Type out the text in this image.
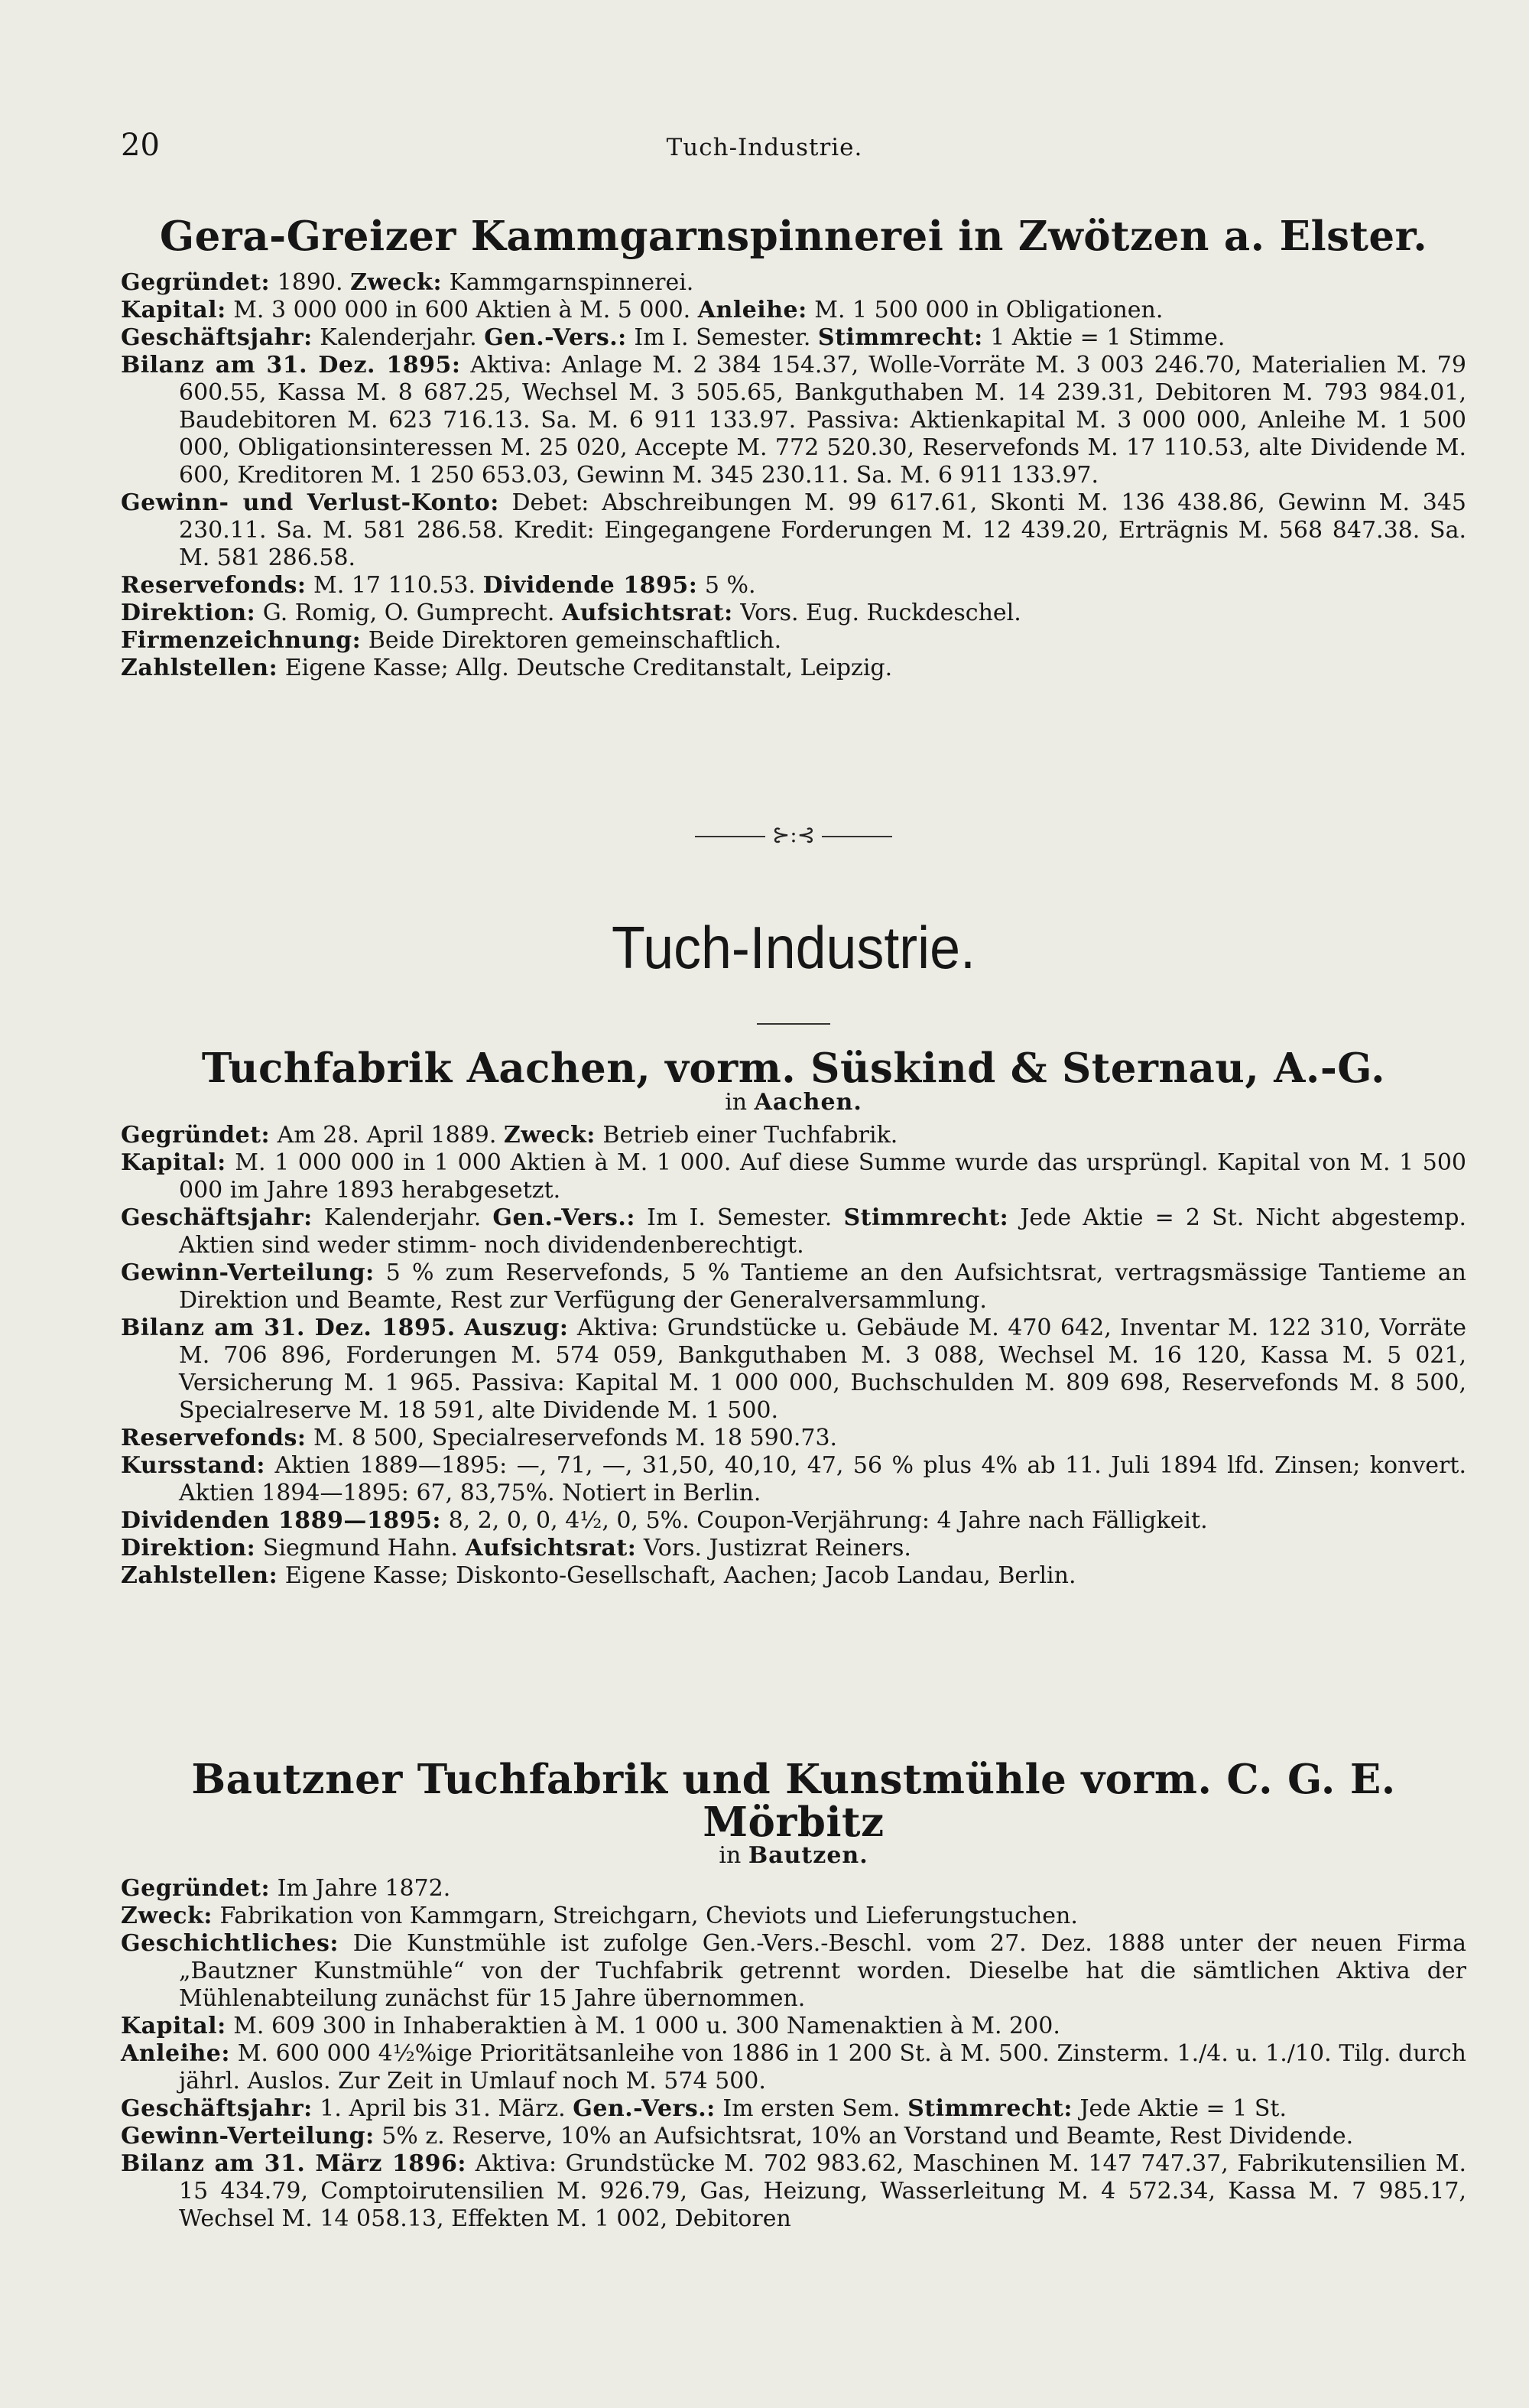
20	Tuch-Industrie.
Gera-Greizer Kammgarnspinnerei in Zwötzen a. Elster.

Gegründet: 1890. Zweck: Kammgarnspinnerei.

Kapital: M. 3 000 000 in 600 Aktien à M. 5 000. Anleihe: M. 1 500 000 in Obligationen.

Geschäftsjahr: Kalenderjahr. Gen.-Vers.: Im I. Semester. Stimmrecht: 1 Aktie = 1 Stimme.

Bilanz am 31. Dez. 1895: Aktiva: Anlage M. 2 384 154.37, Wolle-Vorräte M. 3 003 246.70, Materialien M. 79 600.55, Kassa M. 8 687.25, Wechsel M. 3 505.65, Bankguthaben M. 14 239.31, Debitoren M. 793 984.01, Baudebitoren M. 623 716.13. Sa. M. 6 911 133.97. Passiva: Aktienkapital M. 3 000 000, Anleihe M. 1 500 000, Obligationsinteressen M. 25 020, Accepte M. 772 520.30, Reservefonds M. 17 110.53, alte Dividende M. 600, Kreditoren M. 1 250 653.03, Gewinn M. 345 230.11. Sa. M. 6 911 133.97.

Gewinn- und Verlust-Konto: Debet: Abschreibungen M. 99 617.61, Skonti M. 136 438.86, Gewinn M. 345 230.11. Sa. M. 581 286.58. Kredit: Eingegangene Forderungen M. 12 439.20, Erträgnis M. 568 847.38. Sa. M. 581 286.58.

Reservefonds: M. 17 110.53. Dividende 1895: 5 %.

Direktion: G. Romig, O. Gumprecht. Aufsichtsrat: Vors. Eug. Ruckdeschel.

Firmenzeichnung: Beide Direktoren gemeinschaftlich.

Zahlstellen: Eigene Kasse; Allg. Deutsche Creditanstalt, Leipzig.

⊱:⊰
Tuch-Industrie.
Tuchfabrik Aachen, vorm. Süskind & Sternau, A.-G.
in Aachen.

Gegründet: Am 28. April 1889. Zweck: Betrieb einer Tuchfabrik.

Kapital: M. 1 000 000 in 1 000 Aktien à M. 1 000. Auf diese Summe wurde das ursprüngl. Kapital von M. 1 500 000 im Jahre 1893 herabgesetzt.

Geschäftsjahr: Kalenderjahr. Gen.-Vers.: Im I. Semester. Stimmrecht: Jede Aktie = 2 St. Nicht abgestemp. Aktien sind weder stimm- noch dividendenberechtigt.

Gewinn-Verteilung: 5 % zum Reservefonds, 5 % Tantieme an den Aufsichtsrat, vertragsmässige Tantieme an Direktion und Beamte, Rest zur Verfügung der Generalversammlung.

Bilanz am 31. Dez. 1895. Auszug: Aktiva: Grundstücke u. Gebäude M. 470 642, Inventar M. 122 310, Vorräte M. 706 896, Forderungen M. 574 059, Bankguthaben M. 3 088, Wechsel M. 16 120, Kassa M. 5 021, Versicherung M. 1 965. Passiva: Kapital M. 1 000 000, Buchschulden M. 809 698, Reservefonds M. 8 500, Specialreserve M. 18 591, alte Dividende M. 1 500.

Reservefonds: M. 8 500, Specialreservefonds M. 18 590.73.

Kursstand: Aktien 1889—1895: —, 71, —, 31,50, 40,10, 47, 56 % plus 4% ab 11. Juli 1894 lfd. Zinsen; konvert. Aktien 1894—1895: 67, 83,75%. Notiert in Berlin.

Dividenden 1889—1895: 8, 2, 0, 0, 4½, 0, 5%. Coupon-Verjährung: 4 Jahre nach Fälligkeit.

Direktion: Siegmund Hahn. Aufsichtsrat: Vors. Justizrat Reiners.

Zahlstellen: Eigene Kasse; Diskonto-Gesellschaft, Aachen; Jacob Landau, Berlin.

Bautzner Tuchfabrik und Kunstmühle vorm. C. G. E. Mörbitz
in Bautzen.

Gegründet: Im Jahre 1872.

Zweck: Fabrikation von Kammgarn, Streichgarn, Cheviots und Lieferungstuchen.

Geschichtliches: Die Kunstmühle ist zufolge Gen.-Vers.-Beschl. vom 27. Dez. 1888 unter der neuen Firma „Bautzner Kunstmühle“ von der Tuchfabrik getrennt worden. Dieselbe hat die sämtlichen Aktiva der Mühlenabteilung zunächst für 15 Jahre übernommen.

Kapital: M. 609 300 in Inhaberaktien à M. 1 000 u. 300 Namenaktien à M. 200.

Anleihe: M. 600 000 4½%ige Prioritätsanleihe von 1886 in 1 200 St. à M. 500. Zinsterm. 1./4. u. 1./10. Tilg. durch jährl. Auslos. Zur Zeit in Umlauf noch M. 574 500.

Geschäftsjahr: 1. April bis 31. März. Gen.-Vers.: Im ersten Sem. Stimmrecht: Jede Aktie = 1 St.

Gewinn-Verteilung: 5% z. Reserve, 10% an Aufsichtsrat, 10% an Vorstand und Beamte, Rest Dividende.

Bilanz am 31. März 1896: Aktiva: Grundstücke M. 702 983.62, Maschinen M. 147 747.37, Fabrikutensilien M. 15 434.79, Comptoirutensilien M. 926.79, Gas, Heizung, Wasserleitung M. 4 572.34, Kassa M. 7 985.17, Wechsel M. 14 058.13, Effekten M. 1 002, Debitoren
